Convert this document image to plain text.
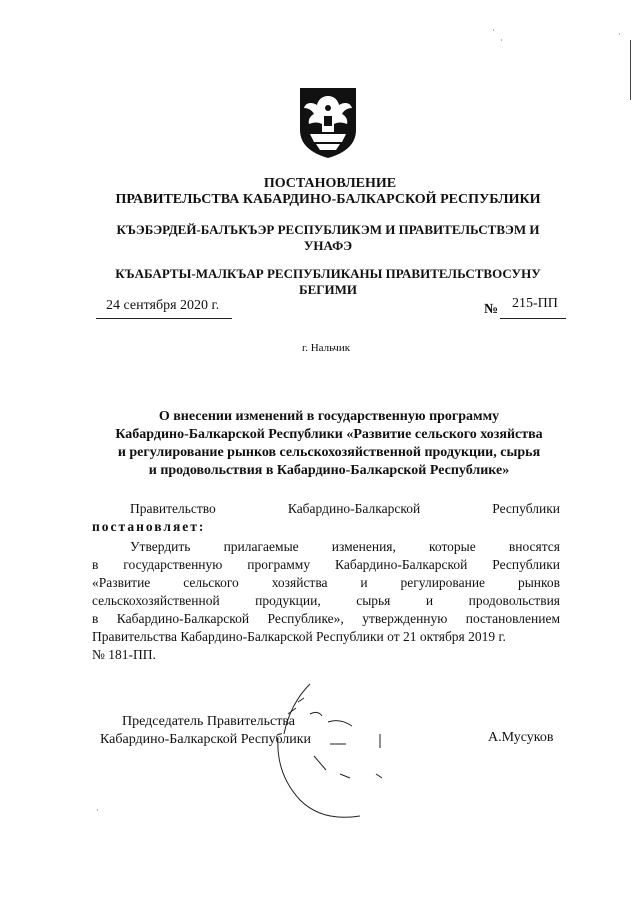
ПОСТАНОВЛЕНИЕ
ПРАВИТЕЛЬСТВА КАБАРДИНО-БАЛКАРСКОЙ РЕСПУБЛИКИ
КЪЭБЭРДЕЙ-БАЛЪКЪЭР РЕСПУБЛИКЭМ И ПРАВИТЕЛЬСТВЭМ И
УНАФЭ
КЪАБАРТЫ-МАЛКЪАР РЕСПУБЛИКАНЫ ПРАВИТЕЛЬСТВОСУНУ
БЕГИМИ
24 сентября 2020 г.	№ 215-ПП
г. Нальчик
О внесении изменений в государственную программу
Кабардино-Балкарской Республики «Развитие сельского хозяйства
и регулирование рынков сельскохозяйственной продукции, сырья
и продовольствия в Кабардино-Балкарской Республике»
Правительство Кабардино-Балкарской Республики
постановляет:
Утвердить прилагаемые изменения, которые вносятся
в государственную программу Кабардино-Балкарской Республики
«Развитие сельского хозяйства и регулирование рынков
сельскохозяйственной продукции, сырья и продовольствия
в Кабардино-Балкарской Республике», утвержденную постановлением
Правительства Кабардино-Балкарской Республики от 21 октября 2019 г.
№ 181-ПП.
Председатель Правительства
Кабардино-Балкарской Республики	А.Мусуков
·
·
·
·
